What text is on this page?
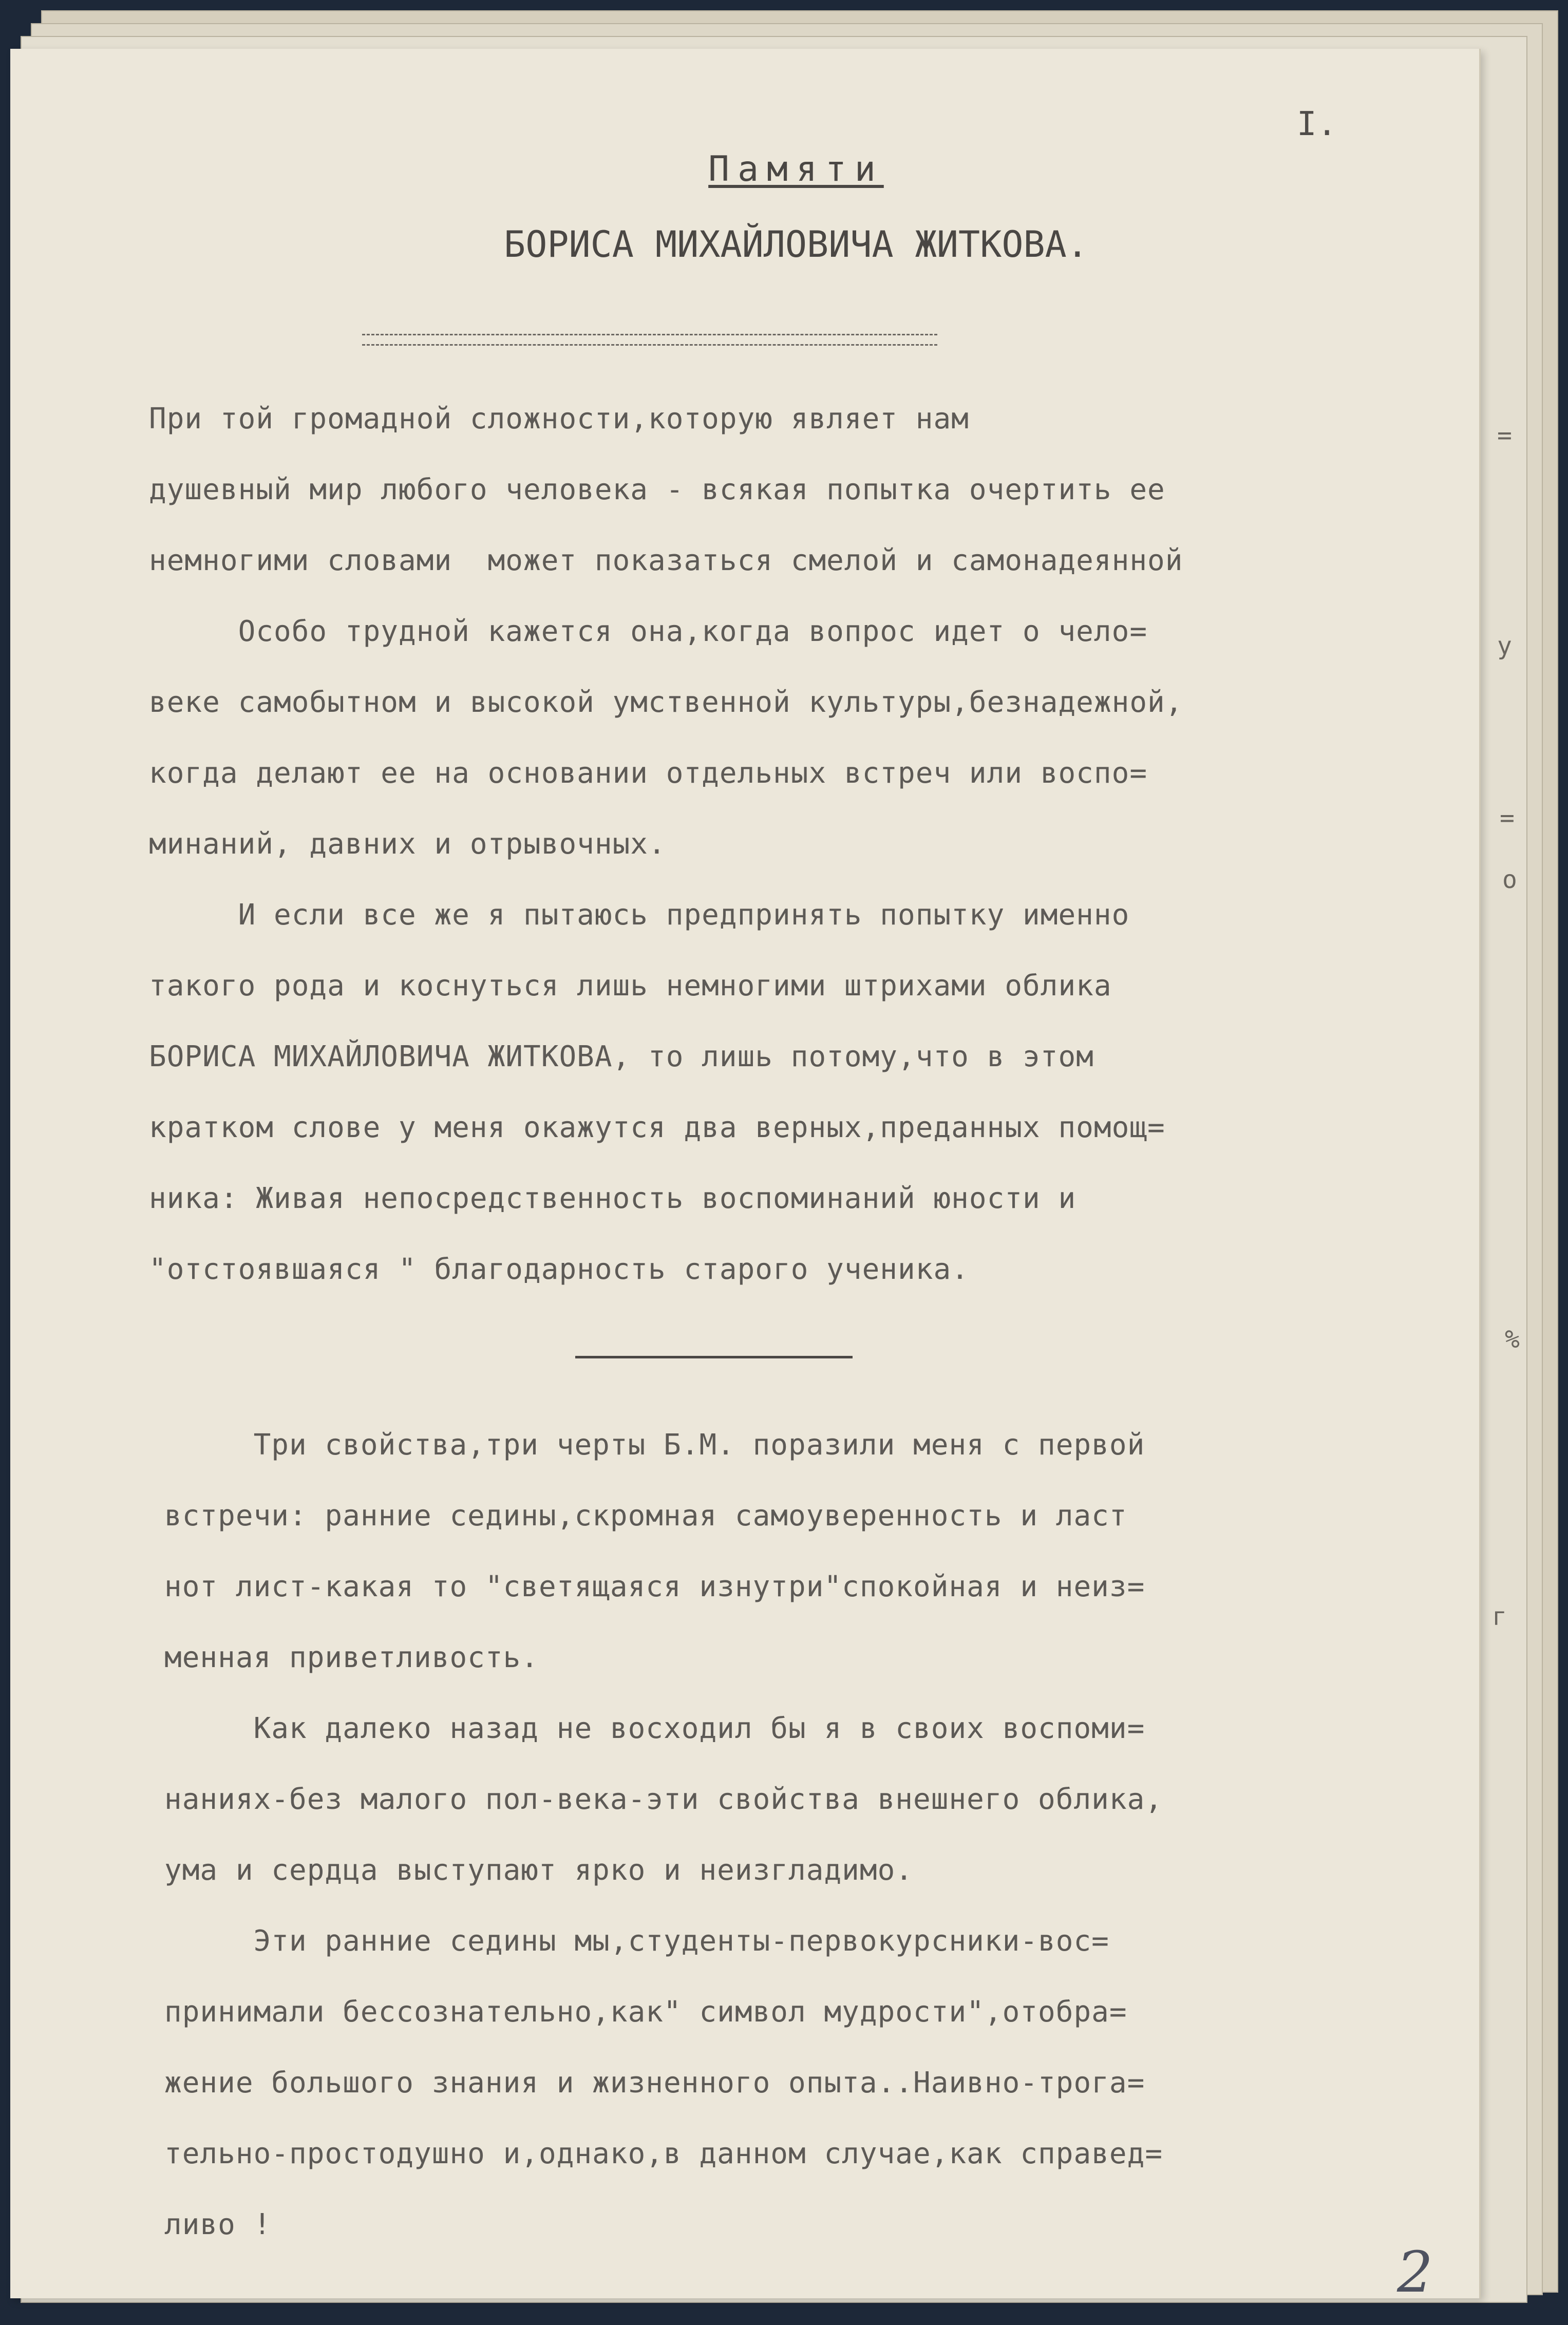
I.
Памяти
БОРИСА МИХАЙЛОВИЧА ЖИТКОВА.
При той громадной сложности,которую являет нам
душевный мир любого человека - всякая попытка очертить ее
немногими словами  может показаться смелой и самонадеянной
Особо трудной кажется она,когда вопрос идет о чело=
веке самобытном и высокой умственной культуры,безнадежной,
когда делают ее на основании отдельных встреч или воспо=
минаний, давних и отрывочных.
И если все же я пытаюсь предпринять попытку именно
такого рода и коснуться лишь немногими штрихами облика
БОРИСА МИХАЙЛОВИЧА ЖИТКОВА, то лишь потому,что в этом
кратком слове у меня окажутся два верных,преданных помощ=
ника: Живая непосредственность воспоминаний юности и
"отстоявшаяся " благодарность старого ученика.
Три свойства,три черты Б.М. поразили меня с первой
встречи: ранние седины,скромная самоуверенность и ласт
нот лист-какая то "светящаяся изнутри"спокойная и неиз=
менная приветливость.
Как далеко назад не восходил бы я в своих воспоми=
наниях-без малого пол-века-эти свойства внешнего облика,
ума и сердца выступают ярко и неизгладимо.
Эти ранние седины мы,студенты-первокурсники-вос=
принимали бессознательно,как" символ мудрости",отобра=
жение большого знания и жизненного опыта..Наивно-трога=
тельно-простодушно и,однако,в данном случае,как справед=
ливо !
2
=
у
=
о
%
г
